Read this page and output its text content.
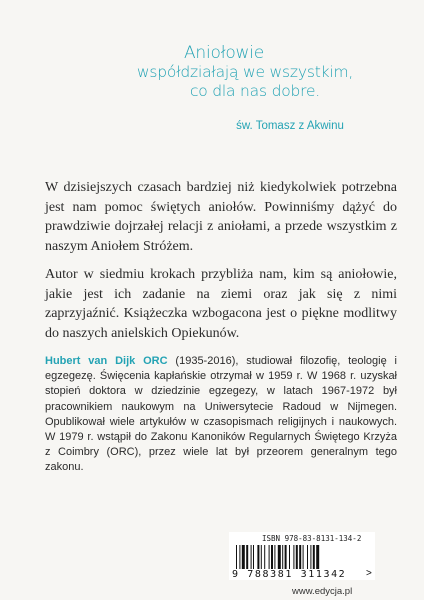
Aniołowie
współdziałają we wszystkim,
co dla nas dobre.
św. Tomasz z Akwinu
W dzisiejszych czasach bardziej niż kiedykolwiek potrzebna jest nam pomoc świętych aniołów. Powinniśmy dążyć do prawdziwie dojrzałej relacji z aniołami, a przede wszystkim z naszym Aniołem Stróżem.
Autor w siedmiu krokach przybliża nam, kim są aniołowie, jakie jest ich zadanie na ziemi oraz jak się z nimi zaprzyjaźnić. Książeczka wzbogacona jest o piękne modlitwy do naszych anielskich Opiekunów.
Hubert van Dijk ORC (1935-2016), studiował filozofię, teologię i egzegezę. Święcenia kapłańskie otrzymał w 1959 r. W 1968 r. uzyskał stopień doktora w dziedzinie egzegezy, w latach 1967-1972 był pracownikiem naukowym na Uniwersytecie Radoud w Nijmegen. Opublikował wiele artykułów w czasopismach religijnych i naukowych. W 1979 r. wstąpił do Zakonu Kanoników Regularnych Świętego Krzyża z Coimbry (ORC), przez wiele lat był przeorem generalnym tego zakonu.
ISBN 978-83-8131-134-2
9 788381 311342	>
www.edycja.pl
